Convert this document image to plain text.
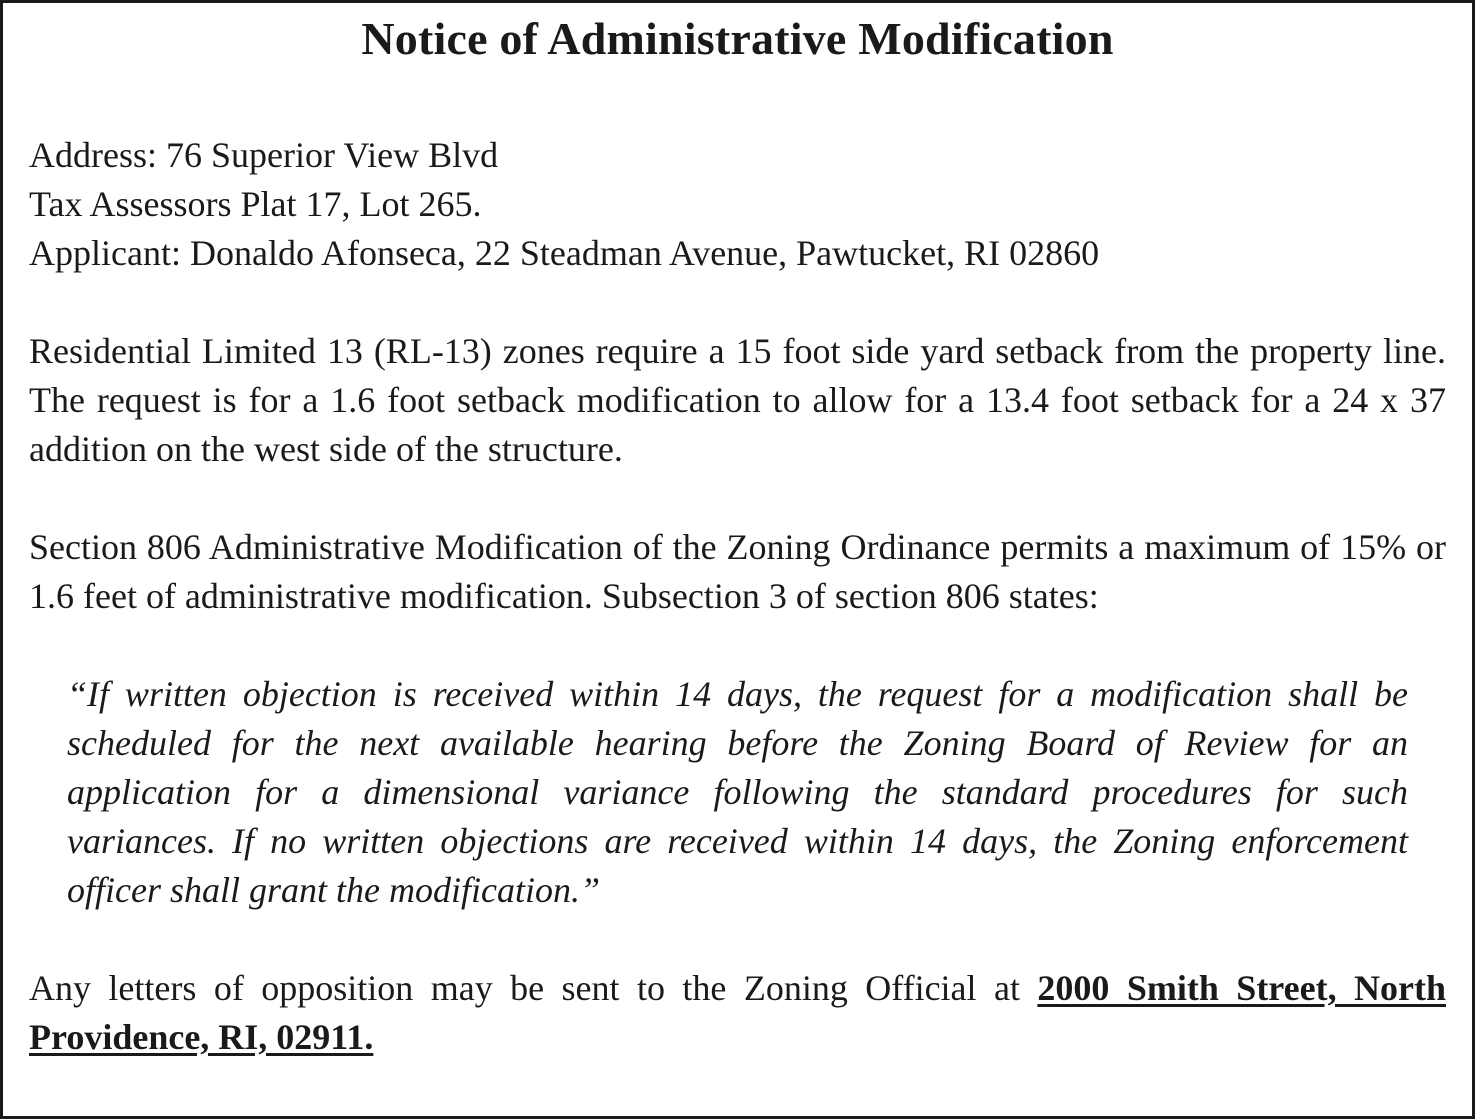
Notice of Administrative Modification
Address: 76 Superior View Blvd
Tax Assessors Plat 17, Lot 265.
Applicant: Donaldo Afonseca, 22 Steadman Avenue, Pawtucket, RI 02860

Residential Limited 13 (RL-13) zones require a 15 foot side yard setback from the property line. The request is for a 1.6 foot setback modification to allow for a 13.4 foot setback for a 24 x 37 addition on the west side of the structure.

Section 806 Administrative Modification of the Zoning Ordinance permits a maximum of 15% or 1.6 feet of administrative modification. Subsection 3 of section 806 states:

“If written objection is received within 14 days, the request for a modification shall be scheduled for the next available hearing before the Zoning Board of Review for an application for a dimensional variance following the standard procedures for such variances. If no written objections are received within 14 days, the Zoning enforcement officer shall grant the modification.”

Any letters of opposition may be sent to the Zoning Official at 2000 Smith Street, North Providence, RI, 02911.
